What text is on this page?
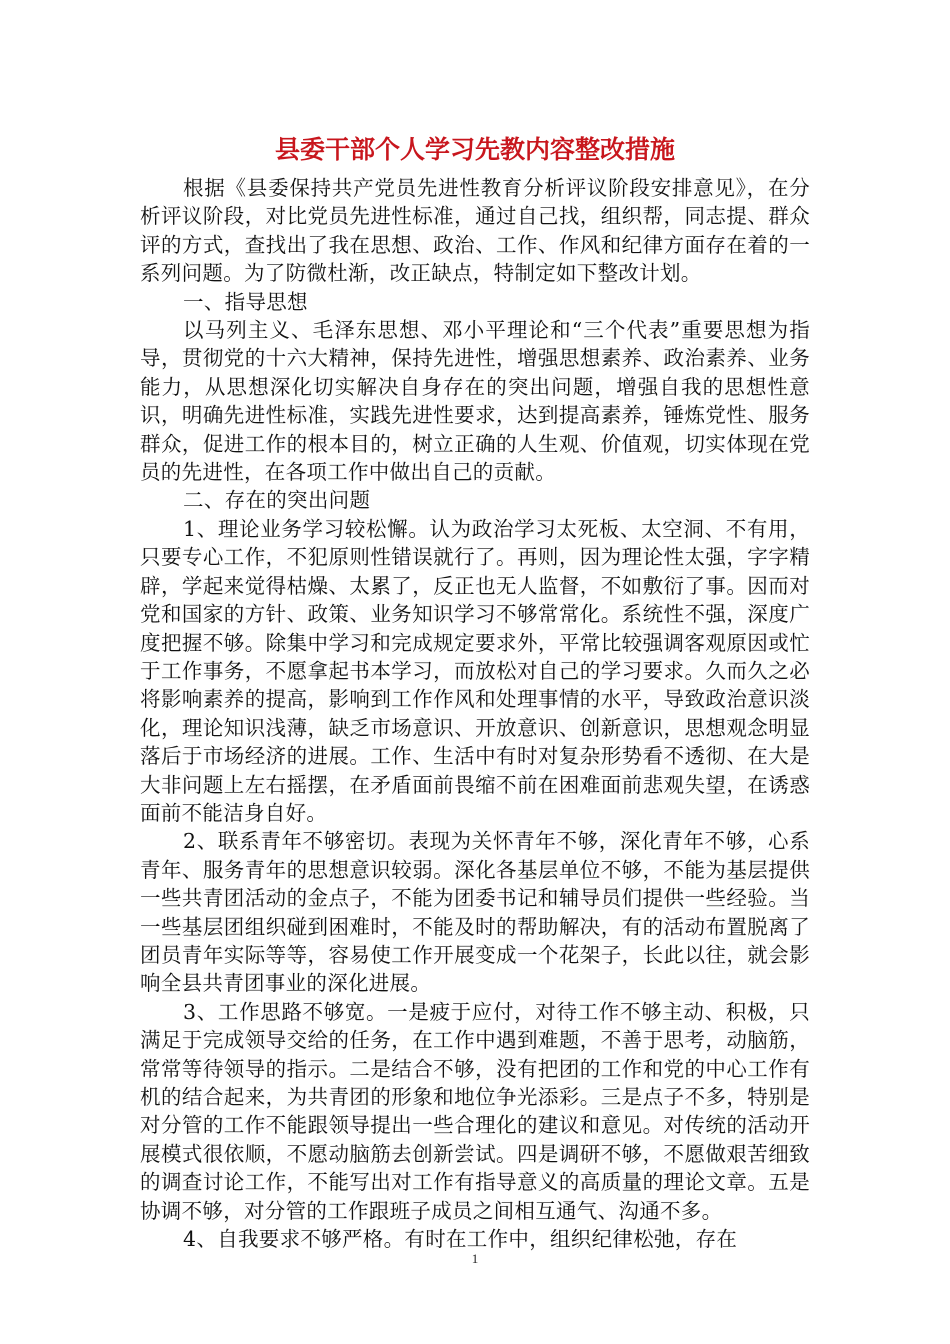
县委干部个人学习先教内容整改措施

根据《县委保持共产党员先进性教育分析评议阶段安排意见》，在分析评议阶段，对比党员先进性标准，通过自己找，组织帮，同志提、群众评的方式，查找出了我在思想、政治、工作、作风和纪律方面存在着的一系列问题。为了防微杜渐，改正缺点，特制定如下整改计划。

一、指导思想

以马列主义、毛泽东思想、邓小平理论和“三个代表”重要思想为指导，贯彻党的十六大精神，保持先进性，增强思想素养、政治素养、业务能力，从思想深化切实解决自身存在的突出问题，增强自我的思想性意识，明确先进性标准，实践先进性要求，达到提高素养，锤炼党性、服务群众，促进工作的根本目的，树立正确的人生观、价值观，切实体现在党员的先进性，在各项工作中做出自己的贡献。

二、存在的突出问题

1、理论业务学习较松懈。认为政治学习太死板、太空洞、不有用，只要专心工作，不犯原则性错误就行了。再则，因为理论性太强，字字精辟，学起来觉得枯燥、太累了，反正也无人监督，不如敷衍了事。因而对党和国家的方针、政策、业务知识学习不够常常化。系统性不强，深度广度把握不够。除集中学习和完成规定要求外，平常比较强调客观原因或忙于工作事务，不愿拿起书本学习，而放松对自己的学习要求。久而久之必将影响素养的提高，影响到工作作风和处理事情的水平，导致政治意识淡化，理论知识浅薄，缺乏市场意识、开放意识、创新意识，思想观念明显落后于市场经济的进展。工作、生活中有时对复杂形势看不透彻、在大是大非问题上左右摇摆，在矛盾面前畏缩不前在困难面前悲观失望，在诱惑面前不能洁身自好。

2、联系青年不够密切。表现为关怀青年不够，深化青年不够，心系青年、服务青年的思想意识较弱。深化各基层单位不够，不能为基层提供一些共青团活动的金点子，不能为团委书记和辅导员们提供一些经验。当一些基层团组织碰到困难时，不能及时的帮助解决，有的活动布置脱离了团员青年实际等等，容易使工作开展变成一个花架子，长此以往，就会影响全县共青团事业的深化进展。

3、工作思路不够宽。一是疲于应付，对待工作不够主动、积极，只满足于完成领导交给的任务，在工作中遇到难题，不善于思考，动脑筋，常常等待领导的指示。二是结合不够，没有把团的工作和党的中心工作有机的结合起来，为共青团的形象和地位争光添彩。三是点子不多，特别是对分管的工作不能跟领导提出一些合理化的建议和意见。对传统的活动开展模式很依顺，不愿动脑筋去创新尝试。四是调研不够，不愿做艰苦细致的调查讨论工作，不能写出对工作有指导意义的高质量的理论文章。五是协调不够，对分管的工作跟班子成员之间相互通气、沟通不多。

4、自我要求不够严格。有时在工作中，组织纪律松弛，存在

1
